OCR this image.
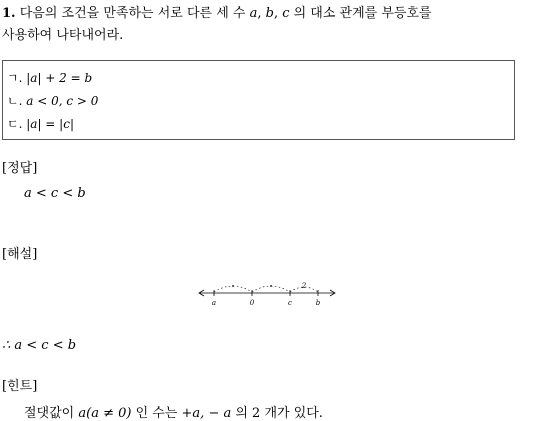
1. 다음의 조건을 만족하는 서로 다른 세 수 a, b, c 의 대소 관계를 부등호를
사용하여 나타내어라.
ㄱ. |a| + 2 = b
ㄴ. a < 0, c > 0
ㄷ. |a| = |c|
[정답]
a < c < b
[해설]
2
a	0	c	b
∴ a < c < b
[힌트]
절댓값이 a(a ≠ 0) 인 수는 +a, − a 의 2 개가 있다.
